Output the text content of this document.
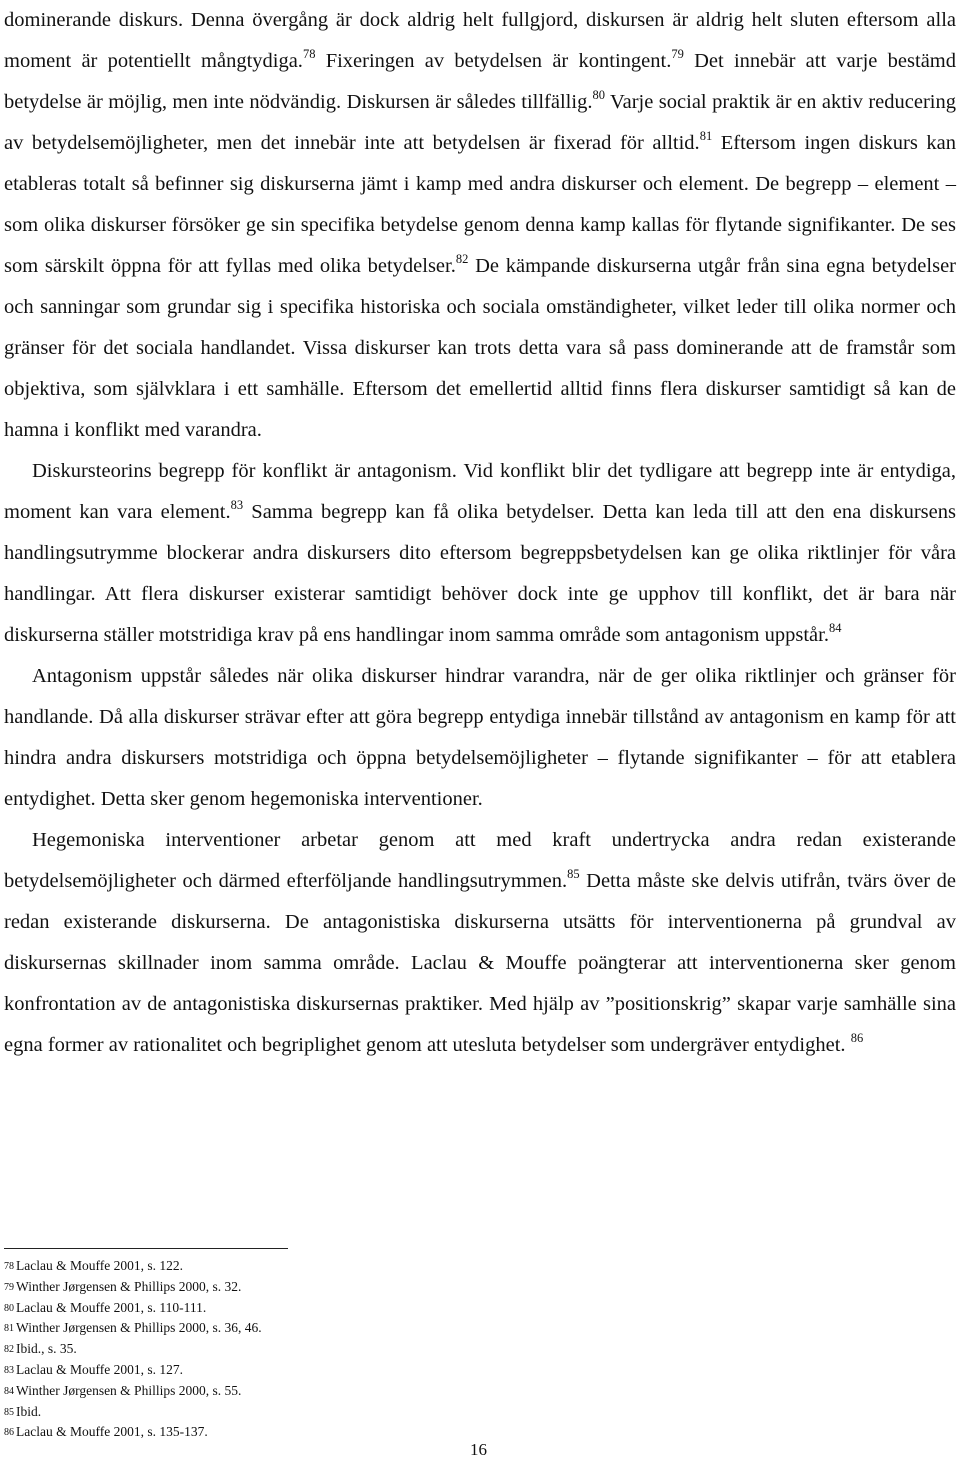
dominerande diskurs. Denna övergång är dock aldrig helt fullgjord, diskursen är aldrig helt sluten eftersom alla moment är potentiellt mångtydiga.$^{78}$ Fixeringen av betydelsen är kontingent.$^{79}$ Det innebär att varje bestämd betydelse är möjlig, men inte nödvändig. Diskursen är således tillfällig.$^{80}$ Varje social praktik är en aktiv reducering av betydelsemöjligheter, men det innebär inte att betydelsen är fixerad för alltid.$^{81}$ Eftersom ingen diskurs kan etableras totalt så befinner sig diskurserna jämt i kamp med andra diskurser och element. De begrepp – element – som olika diskurser försöker ge sin specifika betydelse genom denna kamp kallas för flytande signifikanter. De ses som särskilt öppna för att fyllas med olika betydelser.$^{82}$ De kämpande diskurserna utgår från sina egna betydelser och sanningar som grundar sig i specifika historiska och sociala omständigheter, vilket leder till olika normer och gränser för det sociala handlandet. Vissa diskurser kan trots detta vara så pass dominerande att de framstår som objektiva, som självklara i ett samhälle. Eftersom det emellertid alltid finns flera diskurser samtidigt så kan de hamna i konflikt med varandra.

Diskursteorins begrepp för konflikt är antagonism. Vid konflikt blir det tydligare att begrepp inte är entydiga, moment kan vara element.$^{83}$ Samma begrepp kan få olika betydelser. Detta kan leda till att den ena diskursens handlingsutrymme blockerar andra diskursers dito eftersom begreppsbetydelsen kan ge olika riktlinjer för våra handlingar. Att flera diskurser existerar samtidigt behöver dock inte ge upphov till konflikt, det är bara när diskurserna ställer motstridiga krav på ens handlingar inom samma område som antagonism uppstår.$^{84}$

Antagonism uppstår således när olika diskurser hindrar varandra, när de ger olika riktlinjer och gränser för handlande. Då alla diskurser strävar efter att göra begrepp entydiga innebär tillstånd av antagonism en kamp för att hindra andra diskursers motstridiga och öppna betydelsemöjligheter – flytande signifikanter – för att etablera entydighet. Detta sker genom hegemoniska interventioner.

Hegemoniska interventioner arbetar genom att med kraft undertrycka andra redan existerande betydelsemöjligheter och därmed efterföljande handlingsutrymmen.$^{85}$ Detta måste ske delvis utifrån, tvärs över de redan existerande diskurserna. De antagonistiska diskurserna utsätts för interventionerna på grundval av diskursernas skillnader inom samma område. Laclau & Mouffe poängterar att interventionerna sker genom konfrontation av de antagonistiska diskursernas praktiker. Med hjälp av ”positionskrig” skapar varje samhälle sina egna former av rationalitet och begriplighet genom att utesluta betydelser som undergräver entydighet. $^{86}$

78 Laclau & Mouffe 2001, s. 122.

79 Winther Jørgensen & Phillips 2000, s. 32.

80 Laclau & Mouffe 2001, s. 110-111.

81 Winther Jørgensen & Phillips 2000, s. 36, 46.

82 Ibid., s. 35.

83 Laclau & Mouffe 2001, s. 127.

84 Winther Jørgensen & Phillips 2000, s. 55.

85 Ibid.

86 Laclau & Mouffe 2001, s. 135-137.

16
